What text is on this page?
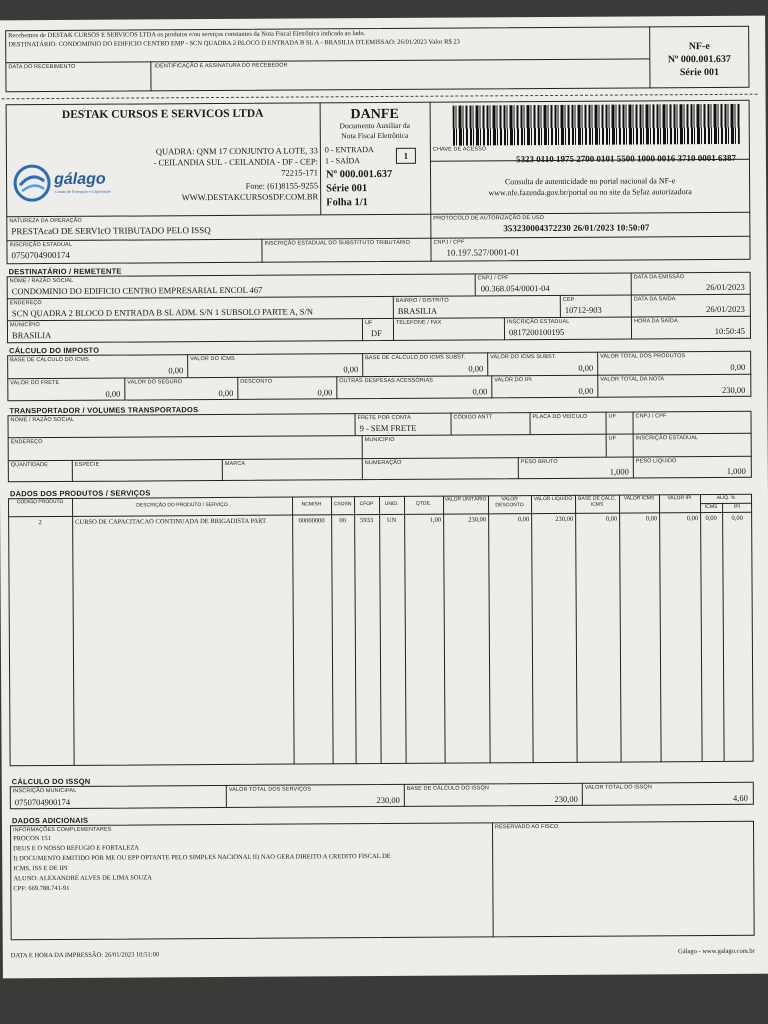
Recebemos de DESTAK CURSOS E SERVICOS LTDA os produtos e/ou serviços constantes da Nota Fiscal Eletrônica indicada ao lado.
DESTINATÁRIO: CONDOMINIO DO EDIFICIO CENTRO EMP - SCN QUADRA 2 BLOCO D ENTRADA B SL A - BRASILIA DT.EMISSAO: 26/01/2023 Valor R$ 23
DATA DO RECEBIMENTO	IDENTIFICAÇÃO E ASSINATURA DO RECEBEDOR
NF-e
Nº 000.001.637
Série 001
DESTAK CURSOS E SERVICOS LTDA
gálago
Centro de Formação e Capacitação
QUADRA: QNM 17 CONJUNTO A LOTE, 33
- CEILANDIA SUL - CEILANDIA - DF - CEP:
72215-171
Fone: (61)8155-9255
WWW.DESTAKCURSOSDF.COM.BR
DANFE
Documento Auxiliar da
Nota Fiscal Eletrônica
0 - ENTRADA
1 - SAÍDA	1
Nº 000.001.637
Série 001
Folha 1/1
CHAVE DE ACESSO
5323 0110 1975 2700 0101 5500 1000 0016 3710 0001 6387
Consulta de autenticidade no portal nacional da NF-e
www.nfe.fazenda.gov.br/portal ou no site da Sefaz autorizadora
NATUREZA DA OPERAÇÃO
PRESTAcaO DE SERVIcO TRIBUTADO PELO ISSQ
PROTOCOLO DE AUTORIZAÇÃO DE USO
353230004372230 26/01/2023 10:50:07
INSCRIÇÃO ESTADUAL
0750704900174
INSCRIÇÃO ESTADUAL DO SUBSTITUTO TRIBUTÁRIO	CNPJ / CPF
10.197.527/0001-01
DESTINATÁRIO / REMETENTE
NOME / RAZÃO SOCIAL
CONDOMINIO DO EDIFICIO CENTRO EMPRESARIAL ENCOL 467
CNPJ / CPF
00.368.054/0001-04
DATA DA EMISSÃO
26/01/2023
ENDEREÇO
SCN QUADRA 2 BLOCO D ENTRADA B SL ADM. S/N 1 SUBSOLO PARTE A, S/N
BAIRRO / DISTRITO
BRASILIA
CEP
10712-903
DATA DA SAÍDA
26/01/2023
MUNICÍPIO
BRASILIA
UF
DF
TELEFONE / FAX	INSCRIÇÃO ESTADUAL
0817200100195
HORA DA SAÍDA
10:50:45
CÁLCULO DO IMPOSTO
BASE DE CÁLCULO DO ICMS
0,00
VALOR DO ICMS
0,00
BASE DE CÁLCULO DO ICMS SUBST.
0,00
VALOR DO ICMS SUBST.
0,00
VALOR TOTAL DOS PRODUTOS
0,00
VALOR DO FRETE
0,00
VALOR DO SEGURO
0,00
DESCONTO
0,00
OUTRAS DESPESAS ACESSÓRIAS
0,00
VALOR DO IPI
0,00
VALOR TOTAL DA NOTA
230,00
TRANSPORTADOR / VOLUMES TRANSPORTADOS
NOME / RAZÃO SOCIAL	FRETE POR CONTA
9 - SEM FRETE
CÓDIGO ANTT	PLACA DO VEÍCULO	UF	CNPJ / CPF
ENDEREÇO	MUNICÍPIO	UF	INSCRIÇÃO ESTADUAL
QUANTIDADE	ESPÉCIE	MARCA	NUMERAÇÃO	PESO BRUTO
1,000
PESO LÍQUIDO
1,000
DADOS DOS PRODUTOS / SERVIÇOS
CÓDIGO PRODUTO	DESCRIÇÃO DO PRODUTO / SERVIÇO	NCM/SH	CSOSN	CFOP	UNID.	QTDE.
VALOR UNITÁRIO	VALOR DESCONTO
VALOR LÍQUIDO	BASE DE CÁLC. ICMS
VALOR ICMS	VALOR IPI	ALÍQ. %
ICMS	IPI
2	CURSO DE CAPACITACAO CONTINUADA DE BRIGADISTA PART	00000000	00	5933	UN	1,00	230,00	0,00	230,00	0,00	0,00	0,00	0,00	0,00
CÁLCULO DO ISSQN
INSCRIÇÃO MUNICIPAL
0750704900174
VALOR TOTAL DOS SERVIÇOS
230,00
BASE DE CÁLCULO DO ISSQN
230,00
VALOR TOTAL DO ISSQN
4,60
DADOS ADICIONAIS
INFORMAÇÕES COMPLEMENTARES
PROCON 151
DEUS E O NOSSO REFUGIO E FORTALEZA
I) DOCUMENTO EMITIDO POR ME OU EPP OPTANTE PELO SIMPLES NACIONAL II) NAO GERA DIREITO A CREDITO FISCAL DE
ICMS, ISS E DE IPI
ALUNO: ALEXANDRE ALVES DE LIMA SOUZA
CPF: 669.788.741-91
RESERVADO AO FISCO
DATA E HORA DA IMPRESSÃO: 26/01/2023 10:51:00	Gálago - www.galago.com.br
